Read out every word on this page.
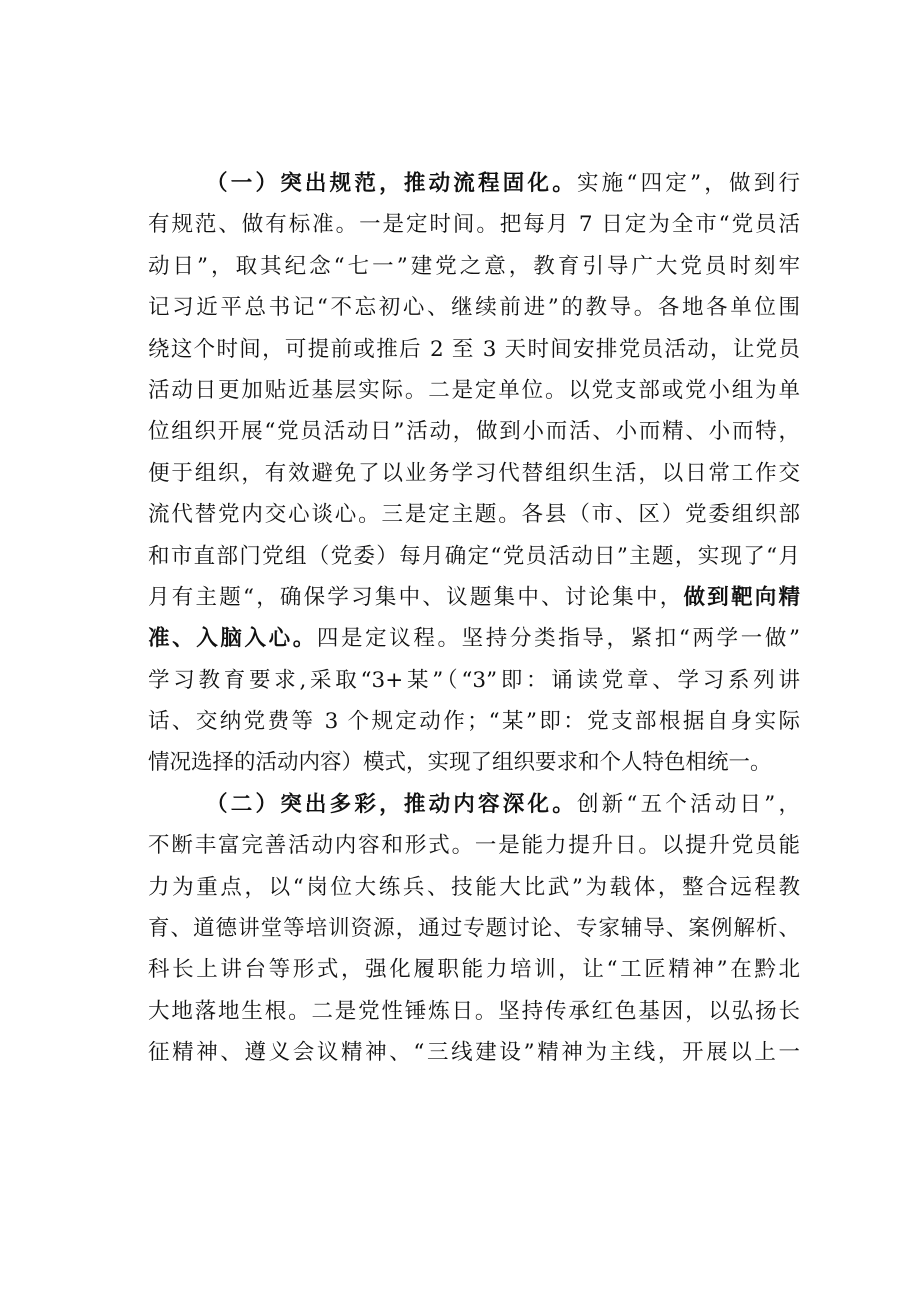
（一）突出规范，推动流程固化。实施“四定”，做到行
有规范、做有标准。一是定时间。把每月 7 日定为全市“党员活
动日”，取其纪念“七一”建党之意，教育引导广大党员时刻牢
记习近平总书记“不忘初心、继续前进”的教导。各地各单位围
绕这个时间，可提前或推后 2 至 3 天时间安排党员活动，让党员
活动日更加贴近基层实际。二是定单位。以党支部或党小组为单
位组织开展“党员活动日”活动，做到小而活、小而精、小而特，
便于组织，有效避免了以业务学习代替组织生活，以日常工作交
流代替党内交心谈心。三是定主题。各县（市、区）党委组织部
和市直部门党组（党委）每月确定“党员活动日”主题，实现了“月
月有主题“，确保学习集中、议题集中、讨论集中，做到靶向精
准、入脑入心。四是定议程。坚持分类指导，紧扣“两学一做”
学习教育要求,采取“3+某”（“3”即：诵读党章、学习系列讲
话、交纳党费等 3 个规定动作；“某”即：党支部根据自身实际
情况选择的活动内容）模式，实现了组织要求和个人特色相统一。
（二）突出多彩，推动内容深化。创新“五个活动日”，
不断丰富完善活动内容和形式。一是能力提升日。以提升党员能
力为重点，以“岗位大练兵、技能大比武”为载体，整合远程教
育、道德讲堂等培训资源，通过专题讨论、专家辅导、案例解析、
科长上讲台等形式，强化履职能力培训，让“工匠精神”在黔北
大地落地生根。二是党性锤炼日。坚持传承红色基因，以弘扬长
征精神、遵义会议精神、“三线建设”精神为主线，开展以上一
